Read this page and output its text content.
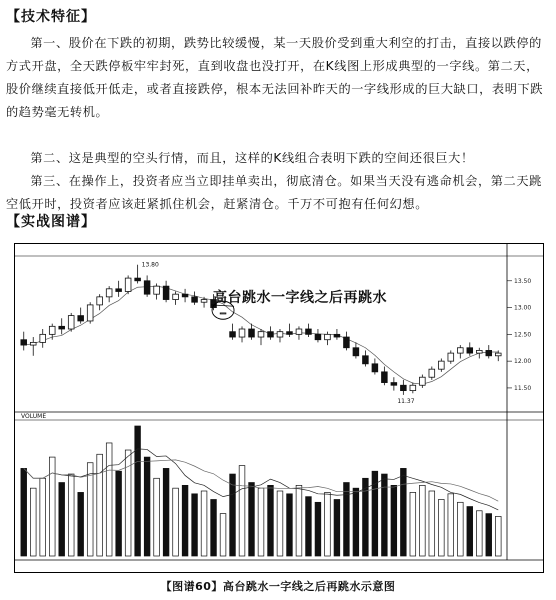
【技术特征】

第一、股价在下跌的初期，跌势比较缓慢，某一天股价受到重大利空的打击，直接以跌停的方式开盘，全天跌停板牢牢封死，直到收盘也没打开，在K线图上形成典型的一字线。第二天，股价继续直接低开低走，或者直接跌停，根本无法回补昨天的一字线形成的巨大缺口，表明下跌的趋势毫无转机。

第二、这是典型的空头行情，而且，这样的K线组合表明下跌的空间还很巨大！

第三、在操作上，投资者应当立即挂单卖出，彻底清仓。如果当天没有逃命机会，第二天跳空低开时，投资者应该赶紧抓住机会，赶紧清仓。千万不可抱有任何幻想。

【实战图谱】
11.50
12.00
12.50
13.00
13.50
13.80
11.37
VOLUME
高台跳水一字线之后再跳水
【图谱60】高台跳水一字线之后再跳水示意图
